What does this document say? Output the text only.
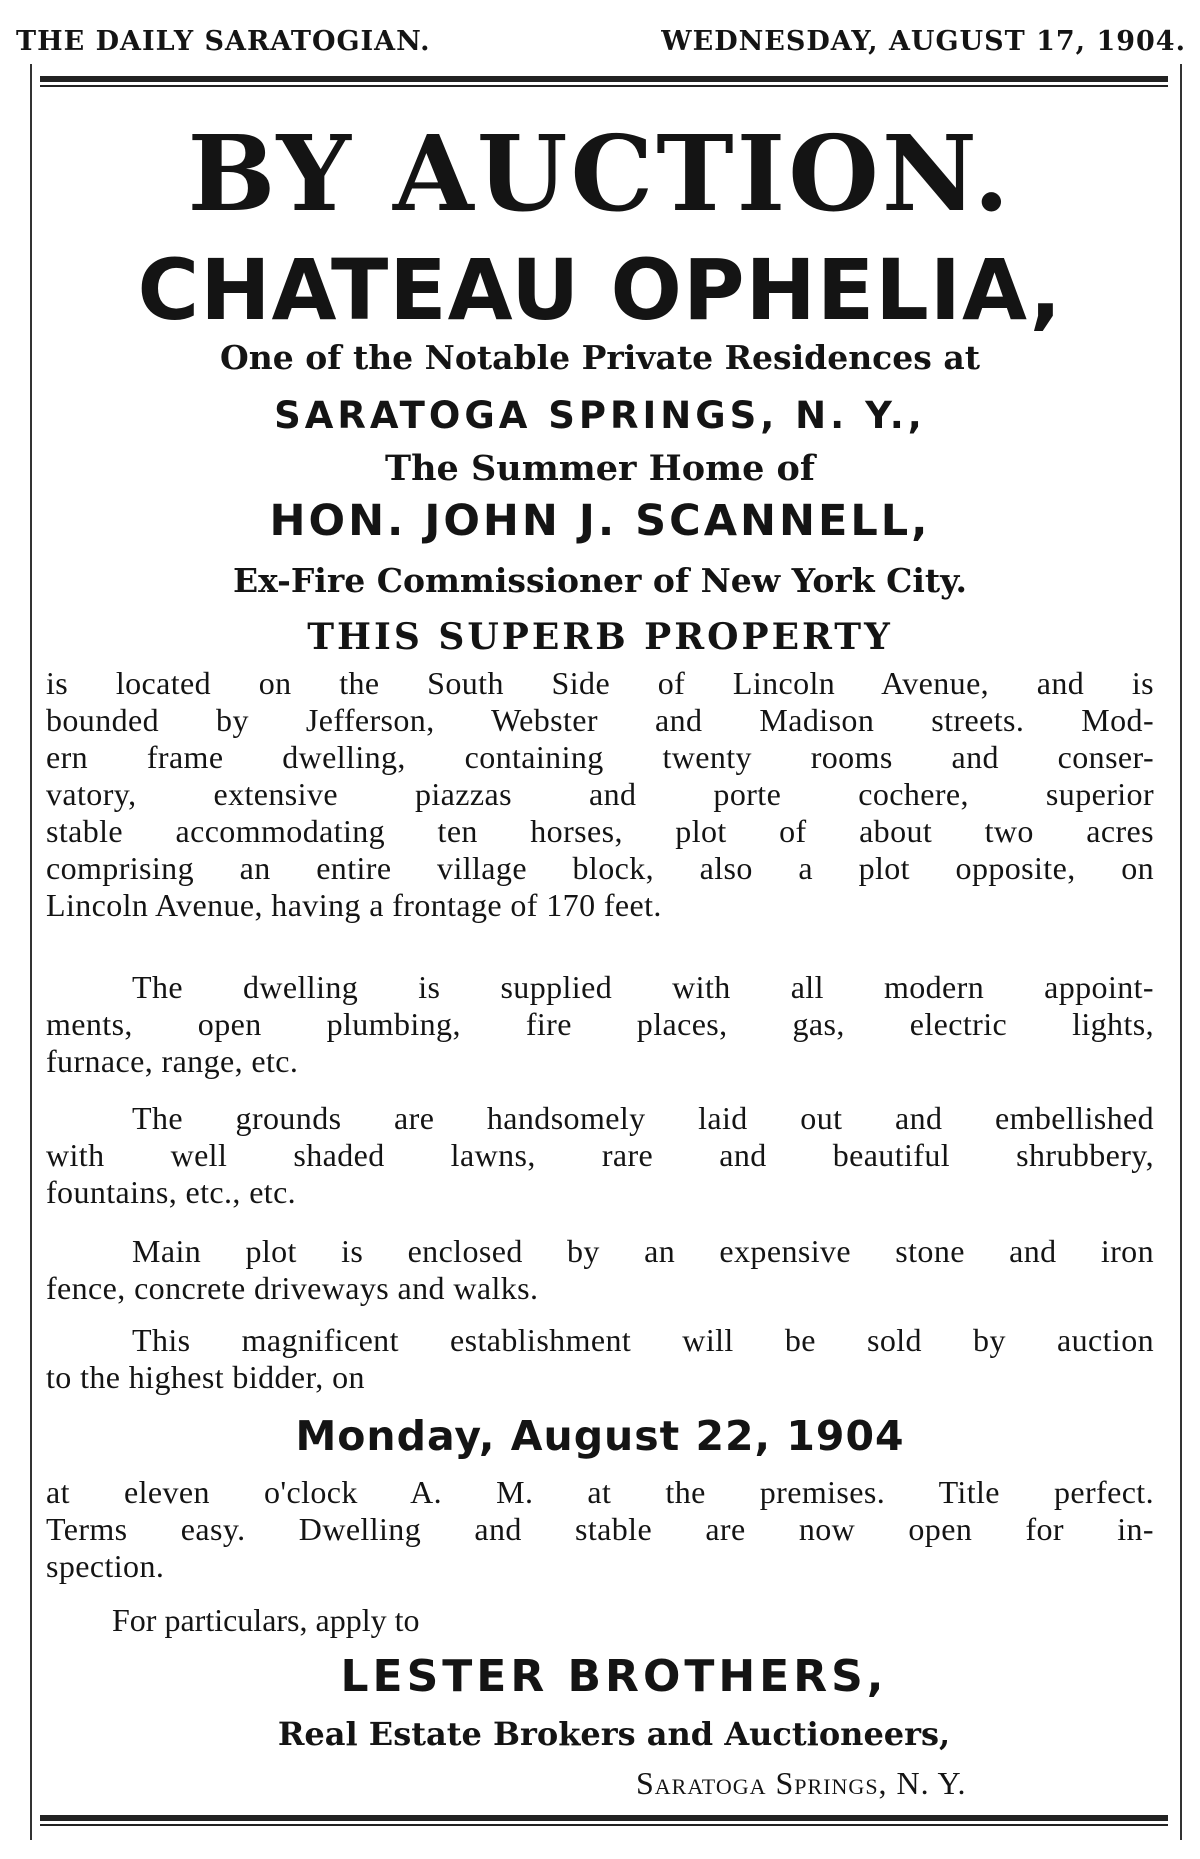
THE DAILY SARATOGIAN.	WEDNESDAY, AUGUST 17, 1904.
BY AUCTION.
CHATEAU OPHELIA,
One of the Notable Private Residences at
SARATOGA SPRINGS, N. Y.,
The Summer Home of
HON. JOHN J. SCANNELL,
Ex-Fire Commissioner of New York City.
THIS SUPERB PROPERTY
is located on the South Side of Lincoln Avenue, and is
bounded by Jefferson, Webster and Madison streets. Mod-
ern frame dwelling, containing twenty rooms and conser-
vatory, extensive piazzas and porte cochere, superior
stable accommodating ten horses, plot of about two acres
comprising an entire village block, also a plot opposite, on
Lincoln Avenue, having a frontage of 170 feet.
The dwelling is supplied with all modern appoint-
ments, open plumbing, fire places, gas, electric lights,
furnace, range, etc.
The grounds are handsomely laid out and embellished
with well shaded lawns, rare and beautiful shrubbery,
fountains, etc., etc.
Main plot is enclosed by an expensive stone and iron
fence, concrete driveways and walks.
This magnificent establishment will be sold by auction
to the highest bidder, on
Monday, August 22, 1904
at eleven o'clock A. M. at the premises. Title perfect.
Terms easy. Dwelling and stable are now open for in-
spection.
For particulars, apply to
LESTER BROTHERS,
Real Estate Brokers and Auctioneers,
Saratoga Springs, N. Y.
